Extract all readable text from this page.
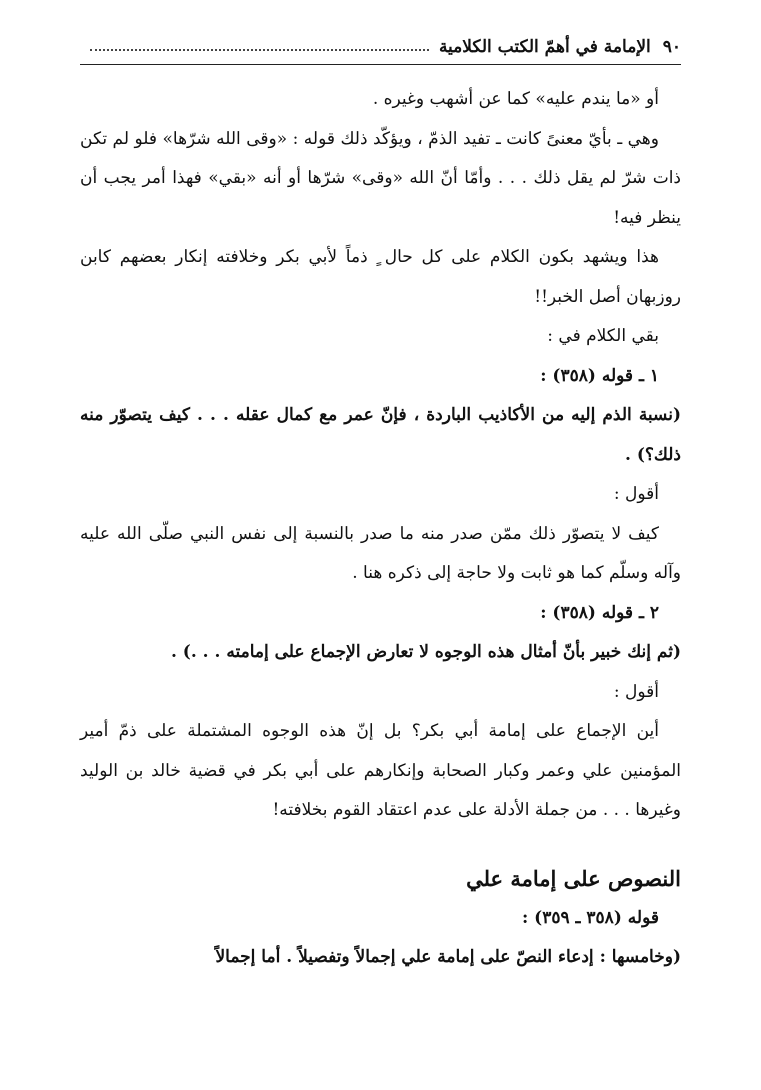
٩٠
الإمامة في أهمّ الكتب الكلامية

أو «ما يندم عليه» كما عن أشهب وغيره .

وهي ـ بأيّ معنىً كانت ـ تفيد الذمّ ، ويؤكّد ذلك قوله : «وقى الله شرّها» فلو لم تكن ذات شرّ لم يقل ذلك . . . وأمّا أنّ الله «وقى» شرّها أو أنه «بقي» فهذا أمر يجب أن ينظر فيه!

هذا ويشهد بكون الكلام على كل حال ٍ ذماً لأبي بكر وخلافته إنكار بعضهم كابن روزبهان أصل الخبر!!

بقي الكلام في :

١ ـ قوله (٣٥٨) :

(نسبة الذم إليه من الأكاذيب الباردة ، فإنّ عمر مع كمال عقله . . . كيف يتصوّر منه ذلك؟) .

أقول :

كيف لا يتصوّر ذلك ممّن صدر منه ما صدر بالنسبة إلى نفس النبي صلّى الله عليه وآله وسلّم كما هو ثابت ولا حاجة إلى ذكره هنا .

٢ ـ قوله (٣٥٨) :

(ثم إنك خبير بأنّ أمثال هذه الوجوه لا تعارض الإجماع على إمامته . . .) .

أقول :

أين الإجماع على إمامة أبي بكر؟ بل إنّ هذه الوجوه المشتملة على ذمّ أمير المؤمنين علي وعمر وكبار الصحابة وإنكارهم على أبي بكر في قضية خالد بن الوليد وغيرها . . . من جملة الأدلة على عدم اعتقاد القوم بخلافته!

النصوص على إمامة علي

قوله (٣٥٨ ـ ٣٥٩) :

(وخامسها : إدعاء النصّ على إمامة علي إجمالاً وتفصيلاً . أما إجمالاً
